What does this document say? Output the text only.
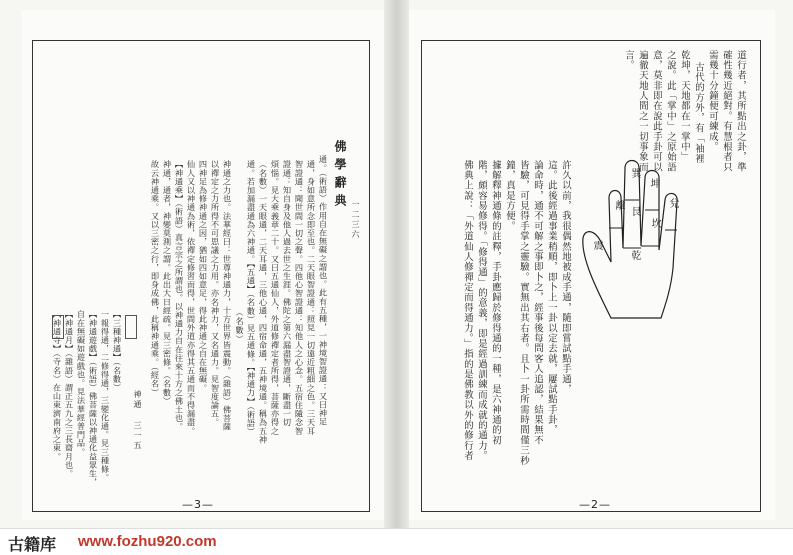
佛學辭典
一二三六
神通 三一五
（名數）	通。（術語）作用自在無礙之謂也。此有五種，一神境智證通：又曰神足
通，身如意所念即至也。二天眼智證通：照見一切遠近粗細之色。三天耳
智證通：聞世間一切之聲。四他心智證通：知他人之心念。五宿住隨念智
證通：知自身及他人過去世之生涯。佛陀之第六漏盡智證通，斷盡一切
煩惱。見大乘義章二十。又曰五通仙人，外道修禪定者所得，菩薩亦得之
（名數）一天眼通，二天耳通，三他心通，四宿命通，五神境通。稱為五神
通。若加漏盡通為六神通。【五通】（名數）見五通條。【神通力】（術語）
神通之力也。法華經曰：世尊神通力，十方世界皆震動。（雜語）佛菩薩
以禪定之力所得不可思議之力用。亦名神力，又名通力。見智度論五。
四神足為修神通之因，猶如四如意足，得此神通之自在無礙。
仙人又以神通為術，依禪定修習而得，世間外道亦得其五通而不得漏盡。
【神通乘】（術語）真言宗之所謂也。以神通力自在往來十方之佛土也。
神通，通者，神變莫測之謂。此出大日經疏。見三密條。（名數）
故云神通乘。又以三密之行，即身成佛，此稱神通乘。（經名）
【三種神通】（名數）
一報得通，二修得通，三變化通。見三種條。
【神通遊戲】（術語）佛菩薩以神通化益眾生，
自在無礙如遊戲也。見法華經普門品。
【神通月】（雜語）謂正五九之三長齋月也。
【神通寺】（寺名）在山東濟南府之東。
—3—
兌
坤
艮
坎
巽
離
乾
震
道行者，其所點出之卦，準
確性幾近絕對。有慧根者只
需幾十分鐘便可練成。
古代的方外，有「袖裡
乾坤，天地都在一掌中」
之說。此「掌中」之原始語
意，莫非即在說此手卦可以
遍徹天地人間之一切事象而
言。
許久以前，我很偶然地被成手通，隨即嘗試點手通，
這。此後經過事業稍順，即卜上一卦以定去就，屢試點手卦，
論命時，通不可解之事即卜之，經事後每問客人追認，結果無不
皆驗，可見得手掌之靈驗。實無出其右者。且卜一卦所需時間僅三秒
鐘，真是方便。
據解釋神通條的註釋，手卦應歸於修得通的一種，是六神通的初
階，頗容易修得。「修得通」的意義，即是經過訓練而成就的通力。
佛典上說：「外道仙人修禪定而得通力。」指的是佛教以外的修行者
—2—
古籍库 www.fozhu920.com
